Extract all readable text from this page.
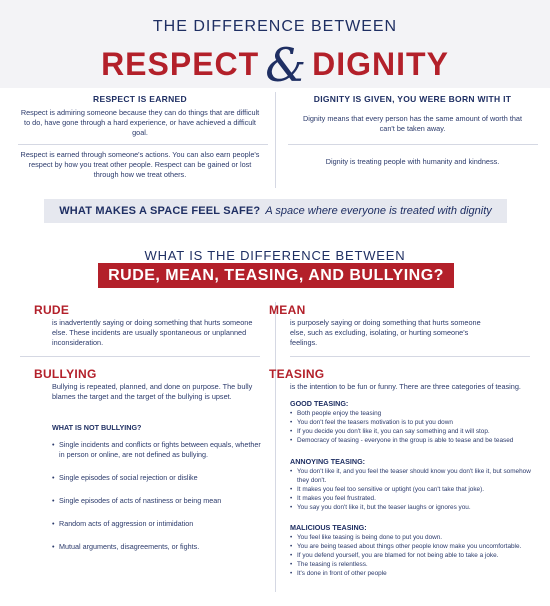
THE DIFFERENCE BETWEEN
RESPECT & DIGNITY
RESPECT IS EARNED
Respect is admiring someone because they can do things that are difficult to do, have gone through a hard experience, or have achieved a difficult goal.
Respect is earned through someone's actions. You can also earn people's respect by how you treat other people. Respect can be gained or lost through how we treat others.
DIGNITY IS GIVEN, YOU WERE BORN WITH IT
Dignity means that every person has the same amount of worth that can't be taken away.
Dignity is treating people with humanity and kindness.
WHAT MAKES A SPACE FEEL SAFE? A space where everyone is treated with dignity
WHAT IS THE DIFFERENCE BETWEEN
RUDE, MEAN, TEASING, AND BULLYING?
RUDE
is inadvertently saying or doing something that hurts someone else. These incidents are usually spontaneous or unplanned inconsideration.
MEAN
is purposely saying or doing something that hurts someone else, such as excluding, isolating, or hurting someone's feelings.
BULLYING
Bullying is repeated, planned, and done on purpose. The bully blames the target and the target of the bullying is upset.
WHAT IS NOT BULLYING?
• Single incidents and conflicts or fights between equals, whether in person or online, are not defined as bullying.
• Single episodes of social rejection or dislike
• Single episodes of acts of nastiness or being mean
• Random acts of aggression or intimidation
• Mutual arguments, disagreements, or fights.
TEASING
is the intention to be fun or funny. There are three categories of teasing.
GOOD TEASING:
• Both people enjoy the teasing
• You don't feel the teasers motivation is to put you down
• If you decide you don't like it, you can say something and it will stop.
• Democracy of teasing - everyone in the group is able to tease and be teased
ANNOYING TEASING:
• You don't like it, and you feel the teaser should know you don't like it, but somehow they don't.
• It makes you feel too sensitive or uptight (you can't take that joke).
• It makes you feel frustrated.
• You say you don't like it, but the teaser laughs or ignores you.
MALICIOUS TEASING:
• You feel like teasing is being done to put you down.
• You are being teased about things other people know make you uncomfortable.
• If you defend yourself, you are blamed for not being able to take a joke.
• The teasing is relentless.
• It's done in front of other people
